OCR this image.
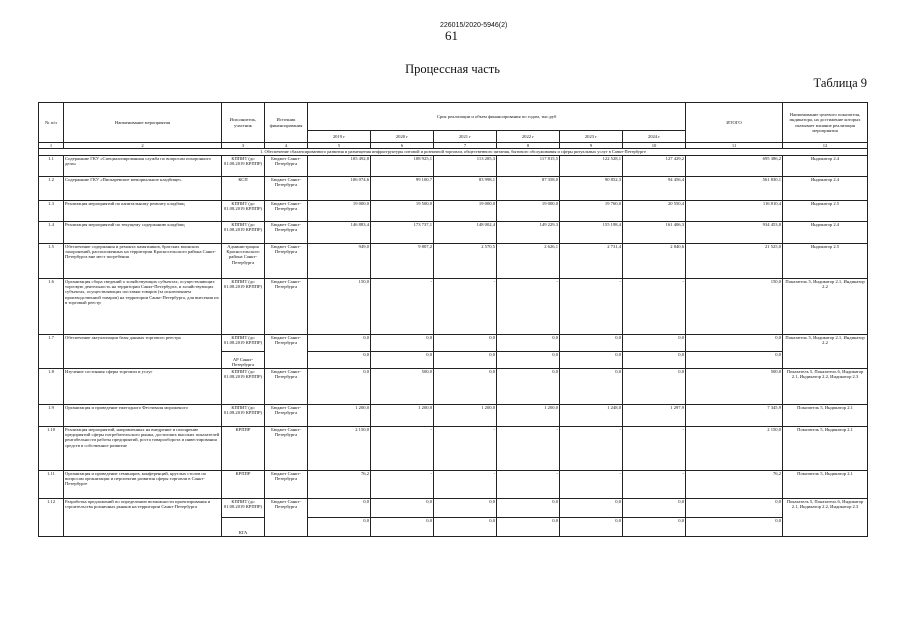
226015/2020-5946(2)
61
Процессная часть
Таблица 9
№ п/п	Наименование мероприятия	Исполнитель, участник	Источник финансирования	Срок реализации и объем финансирования по годам, тыс.руб						ИТОГО	Наименование целевого показателя, индикатора, на достижение которых оказывает влияние реализация мероприятия
				2019 г	2020 г	2021 г	2022 г	2023 г	2024 г		
1	2	3	4	5	6	7	8	9	10	11	12
1. Обеспечение сбалансированного развития и размещения инфраструктуры оптовой и розничной торговли, общественного питания, бытового обслуживания и сферы ритуальных услуг в Санкт-Петербурге											
1.1	Содержание ГКУ «Специализированная служба по вопросам похоронного дела»	КППИТ (до 01.08.2019 КРППР)	Бюджет Санкт-Петербурга	105 492,8	108 925,1	113 285,3	117 815,5	122 528,1	127 429,2	695 386,2	Индикатор 2.4
1.2	Содержание ГКУ «Пискаревское мемориальное кладбище»	КСП	Бюджет Санкт-Петербурга	106 074,6	99 100,7	83 998,1	87 358,0	90 852,3	94 456,4	561 830,1	Индикатор 2.4
1.3	Реализация мероприятий по капитальному ремонту кладбищ	КППИТ (до 01.08.2019 КРППР)	Бюджет Санкт-Петербурга	19 000,0	19 500,0	19 000,0	19 000,0	19 760,0	20 550,4	116 810,4	Индикатор 2.5
1.4	Реализация мероприятий по текущему содержанию кладбищ	КППИТ (до 01.08.2019 КРППР)	Бюджет Санкт-Петербурга	146 883,4	173 737,1	148 002,4	149 229,3	155 198,4	161 406,3	934 453,8	Индикатор 2.4
1.5	Обеспечение содержания и ремонта памятников, братских воинских захоронений, расположенных на территории Красносельского района Санкт-Петербурга вне мест погребения	Администрация Красносельского района Санкт-Петербурга	Бюджет Санкт-Петербурга	949,0	9 807,2	2 570,5	2 626,1	2 731,4	2 840,6	21 525,0	Индикатор 2.5
1.6	Организация сбора сведений о хозяйствующих субъектах, осуществляющих торговую деятельность на территории Санкт-Петербурга, и хозяйствующих субъектах, осуществляющих поставки товаров (за исключением производственной товаров) на территории Санкт-Петербурга, для внесения их в торговый реестр	КППИТ (до 01.08.2019 КРППР)	Бюджет Санкт-Петербурга	150,0	-	-	-	-	-	150,0	Показатель 5, Индикатор 2.1, Индикатор 2.2
1.7	Обеспечение актуализации базы данных торгового реестра	КППИТ (до 01.08.2019 КРППР)	Бюджет Санкт-Петербурга	0,0	0,0	0,0	0,0	0,0	0,0	0,0	Показатель 5, Индикатор 2.1, Индикатор 2.2
		АР Санкт-Петербурга		0,0	0,0	0,0	0,0	0,0	0,0	0,0	
1.8	Изучение состояния сферы торговли и услуг	КППИТ (до 01.08.2019 КРППР)	Бюджет Санкт-Петербурга	0,0	500,0	0,0	0,0	0,0	0,0	500,0	Показатель 5, Показатель 6, Индикатор 2.1, Индикатор 2.2, Индикатор 2.3
1.9	Организация и проведение ежегодного Фестиваля мороженого	КППИТ (до 01.08.2019 КРППР)	Бюджет Санкт-Петербурга	1 200,0	1 200,0	1 200,0	1 200,0	1 248,0	1 297,9	7 345,9	Показатель 5, Индикатор 2.1
1.10	Реализация мероприятий, направленных на внедрение и поощрение предприятий сферы потребительского рынка, достигших высоких показателей рентабельности работы предприятий, роста товарооборота и инвестирования средств в собственное развитие	КРППР	Бюджет Санкт-Петербурга	2 150,0	-	-	-	-	-	2 150,0	Показатель 5, Индикатор 2.1
1.11	Организация и проведение семинаров, конференций, круглых столов по вопросам организации и перспектив развития сферы торговли в Санкт-Петербурге	КРППР	Бюджет Санкт-Петербурга	76,2	-	-	-	-	-	76,2	Показатель 5, Индикатор 2.1
1.12	Разработка предложений по определению возможности проектирования и строительства розничных рынков на территории Санкт-Петербурга	КППИТ (до 01.08.2019 КРППР)	Бюджет Санкт-Петербурга	0,0	0,0	0,0	0,0	0,0	0,0	0,0	Показатель 5, Показатель 6, Индикатор 2.1, Индикатор 2.2, Индикатор 2.3
		КГА		0,0	0,0	0,0	0,0	0,0	0,0	0,0	
